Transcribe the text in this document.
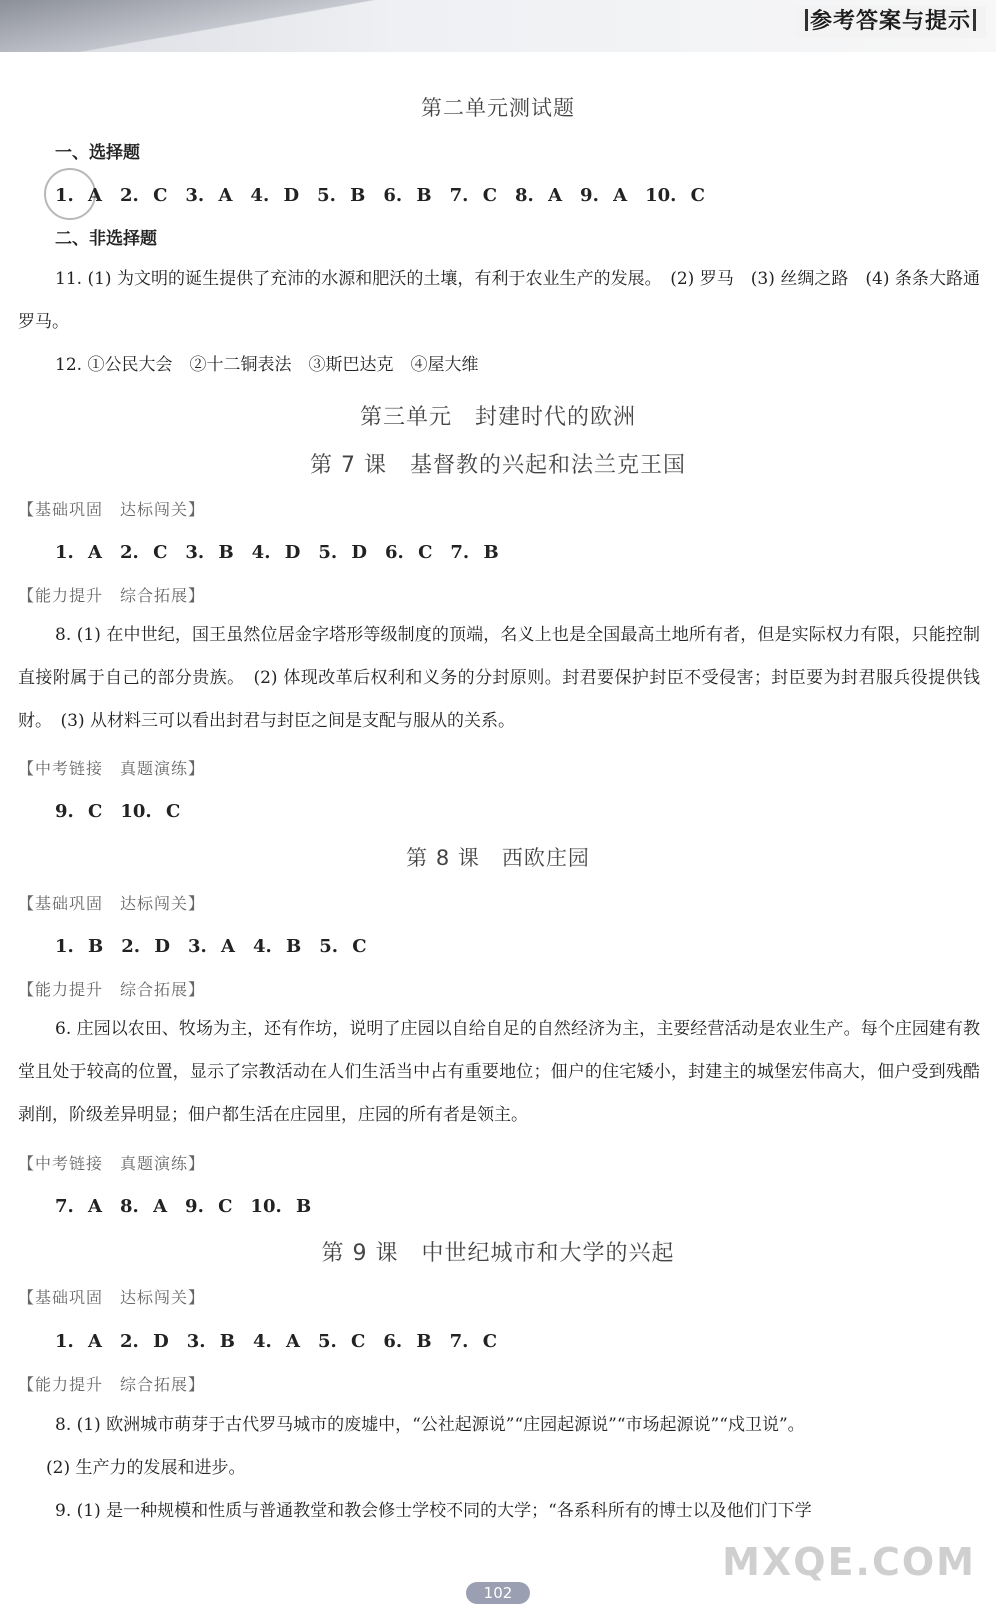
参考答案与提示
第二单元测试题
一、选择题
1. A　2. C　3. A　4. D　5. B　6. B　7. C　8. A　9. A　10. C
二、非选择题
11. (1) 为文明的诞生提供了充沛的水源和肥沃的土壤，有利于农业生产的发展。　(2) 罗马　(3) 丝绸之路　(4) 条条大路通罗马。
12. ①公民大会　②十二铜表法　③斯巴达克　④屋大维
第三单元　封建时代的欧洲
第 7 课　基督教的兴起和法兰克王国
【基础巩固　达标闯关】
1. A　2. C　3. B　4. D　5. D　6. C　7. B
【能力提升　综合拓展】
8. (1) 在中世纪，国王虽然位居金字塔形等级制度的顶端，名义上也是全国最高土地所有者，但是实际权力有限，只能控制直接附属于自己的部分贵族。　(2) 体现改革后权利和义务的分封原则。封君要保护封臣不受侵害；封臣要为封君服兵役提供钱财。　(3) 从材料三可以看出封君与封臣之间是支配与服从的关系。
【中考链接　真题演练】
9. C　10. C
第 8 课　西欧庄园
【基础巩固　达标闯关】
1. B　2. D　3. A　4. B　5. C
【能力提升　综合拓展】
6. 庄园以农田、牧场为主，还有作坊，说明了庄园以自给自足的自然经济为主，主要经营活动是农业生产。每个庄园建有教堂且处于较高的位置，显示了宗教活动在人们生活当中占有重要地位；佃户的住宅矮小，封建主的城堡宏伟高大，佃户受到残酷剥削，阶级差异明显；佃户都生活在庄园里，庄园的所有者是领主。
【中考链接　真题演练】
7. A　8. A　9. C　10. B
第 9 课　中世纪城市和大学的兴起
【基础巩固　达标闯关】
1. A　2. D　3. B　4. A　5. C　6. B　7. C
【能力提升　综合拓展】
8. (1) 欧洲城市萌芽于古代罗马城市的废墟中，“公社起源说”“庄园起源说”“市场起源说”“戍卫说”。
(2) 生产力的发展和进步。
9. (1) 是一种规模和性质与普通教堂和教会修士学校不同的大学；“各系科所有的博士以及他们门下学
MXQE.COM
102
